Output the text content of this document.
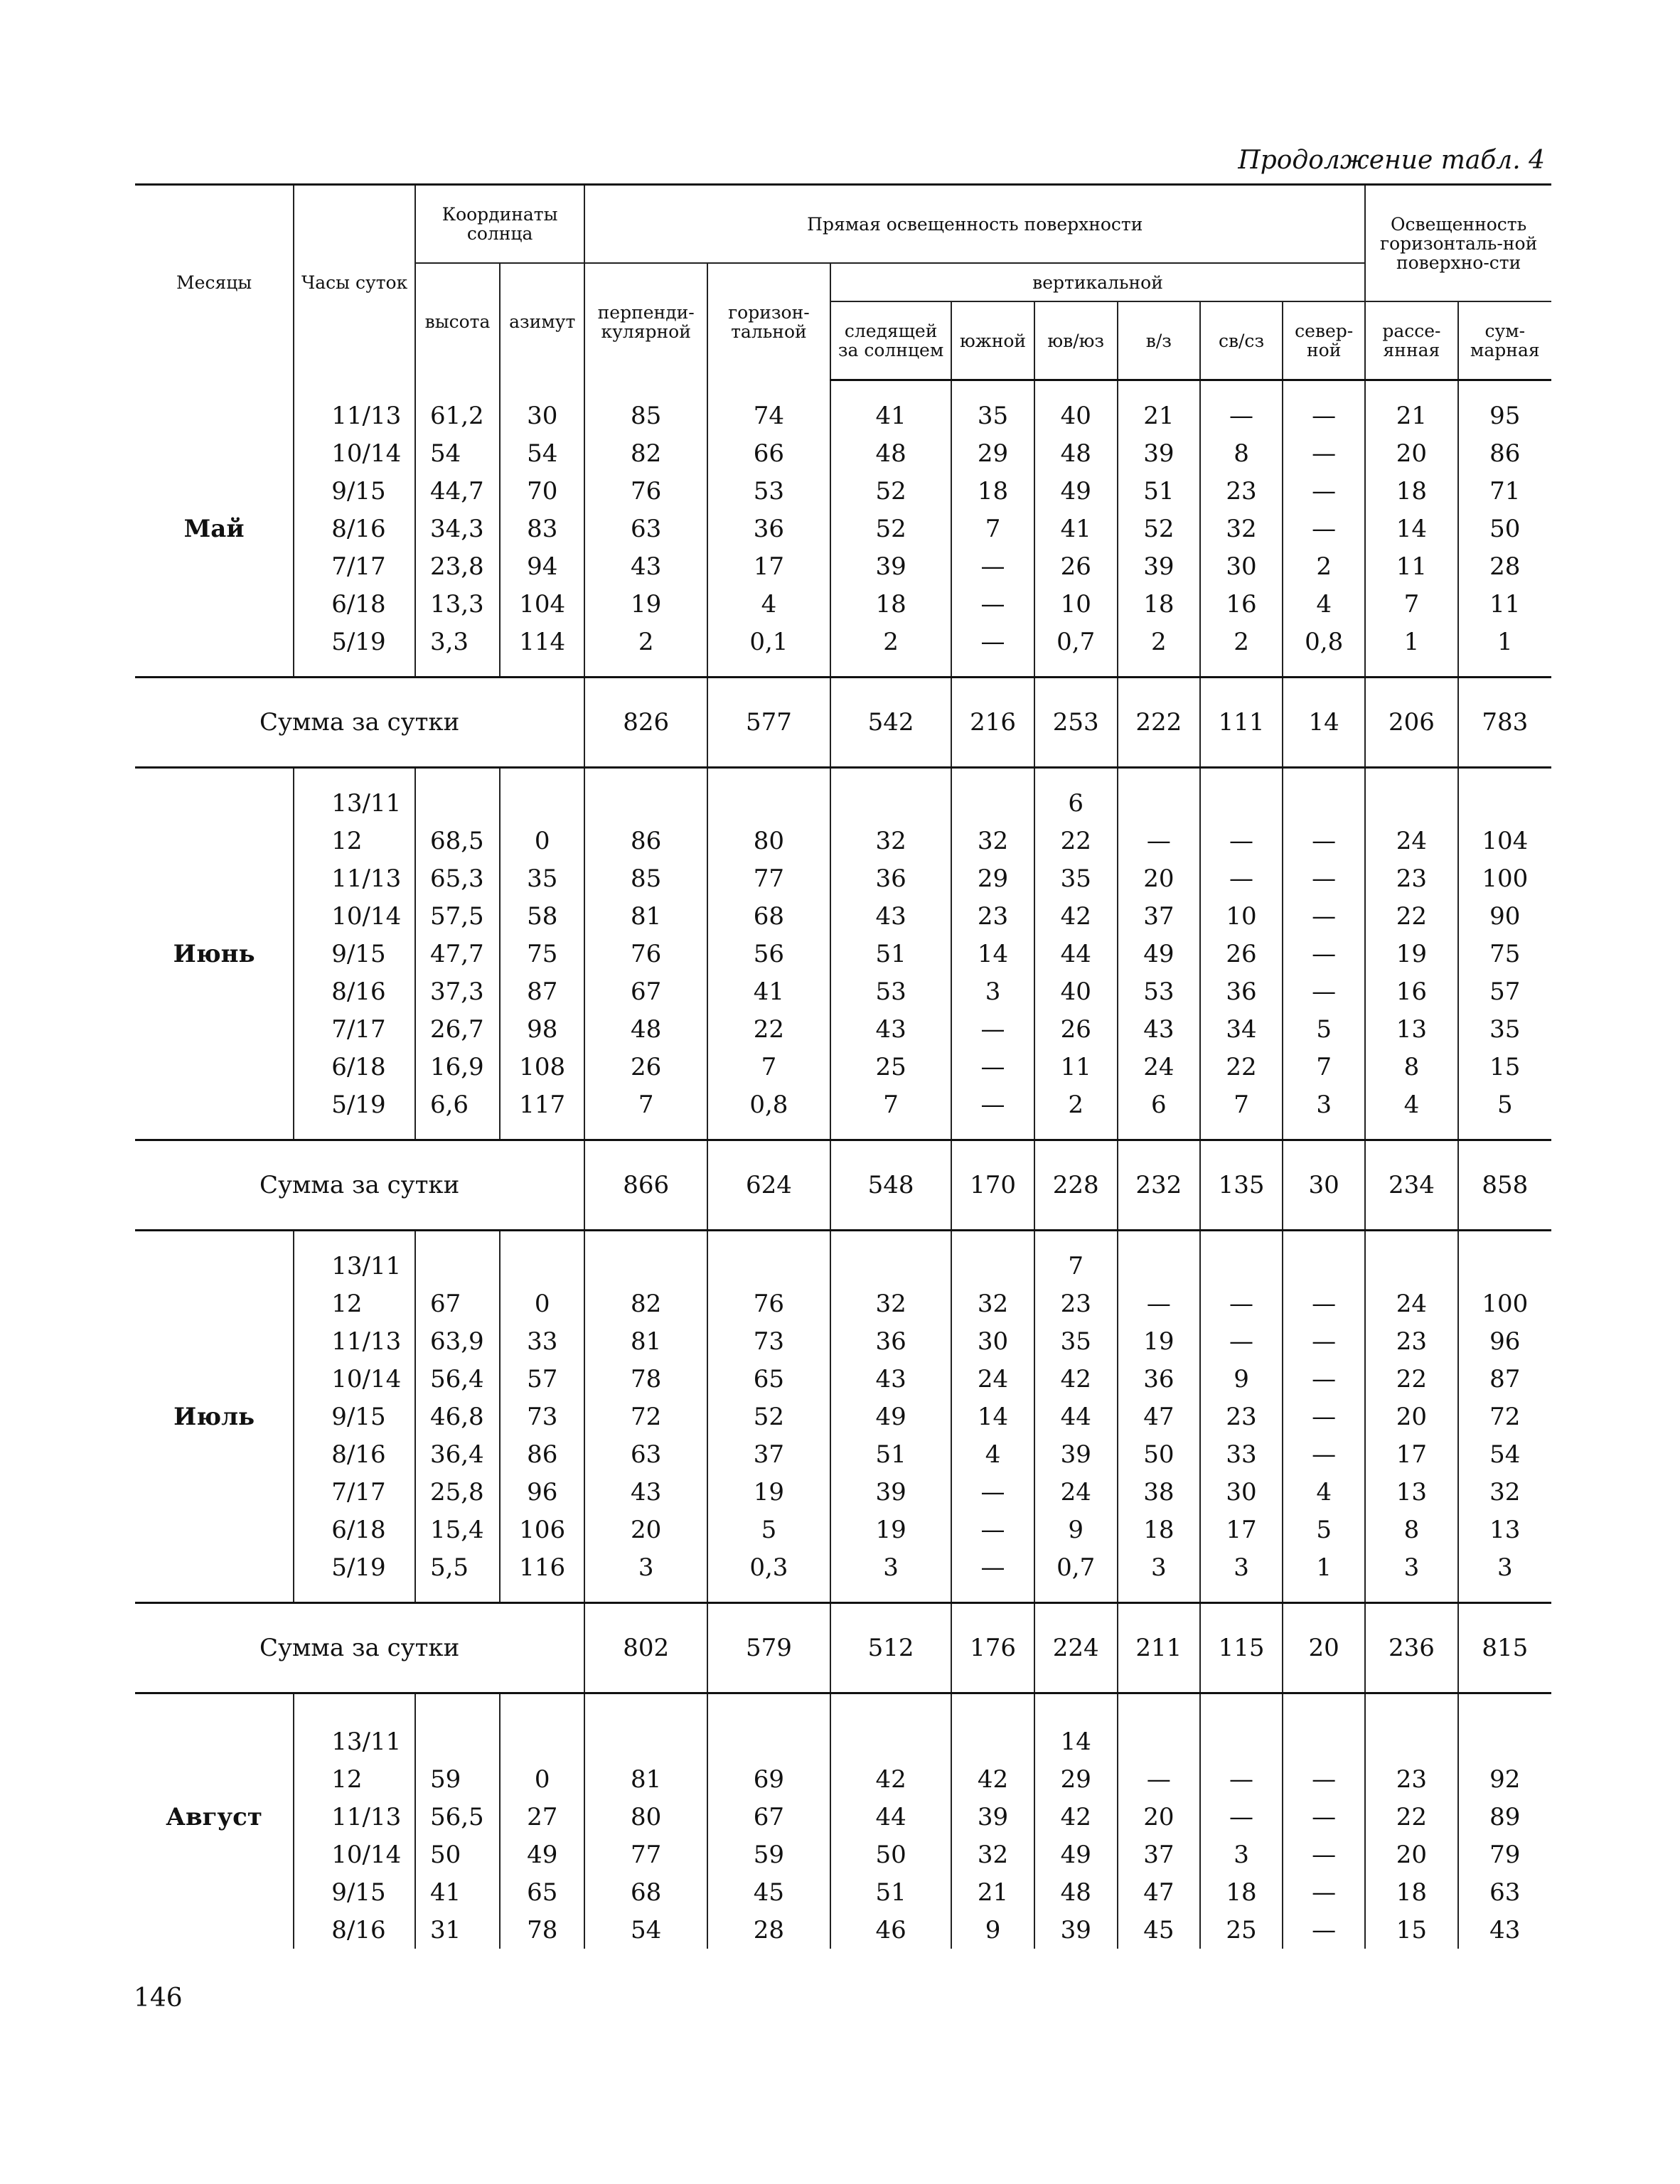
Продолжение табл. 4
Месяцы	Часы суток	Координаты солнца		Прямая освещенность поверхности								Освещенность горизонталь-ной поверхно-сти	
		высота	азимут	перпенди-кулярной	горизон-тальной	вертикальной							
						следящей за солнцем	южной	юв/юз	в/з	св/сз	север-ной	рассе-янная	сум-марная

	11/13	61,2	30	85	74	41	35	40	21	—	—	21	95
	10/14	54	54	82	66	48	29	48	39	8	—	20	86
	9/15	44,7	70	76	53	52	18	49	51	23	—	18	71
Май	8/16	34,3	83	63	36	52	7	41	52	32	—	14	50
	7/17	23,8	94	43	17	39	—	26	39	30	2	11	28
	6/18	13,3	104	19	4	18	—	10	18	16	4	7	11
	5/19	3,3	114	2	0,1	2	—	0,7	2	2	0,8	1	1

Сумма за сутки				826	577	542	216	253	222	111	14	206	783

	13/11							6					
	12	68,5	0	86	80	32	32	22	—	—	—	24	104
	11/13	65,3	35	85	77	36	29	35	20	—	—	23	100
	10/14	57,5	58	81	68	43	23	42	37	10	—	22	90
Июнь	9/15	47,7	75	76	56	51	14	44	49	26	—	19	75
	8/16	37,3	87	67	41	53	3	40	53	36	—	16	57
	7/17	26,7	98	48	22	43	—	26	43	34	5	13	35
	6/18	16,9	108	26	7	25	—	11	24	22	7	8	15
	5/19	6,6	117	7	0,8	7	—	2	6	7	3	4	5

Сумма за сутки				866	624	548	170	228	232	135	30	234	858

	13/11							7					
	12	67	0	82	76	32	32	23	—	—	—	24	100
	11/13	63,9	33	81	73	36	30	35	19	—	—	23	96
	10/14	56,4	57	78	65	43	24	42	36	9	—	22	87
Июль	9/15	46,8	73	72	52	49	14	44	47	23	—	20	72
	8/16	36,4	86	63	37	51	4	39	50	33	—	17	54
	7/17	25,8	96	43	19	39	—	24	38	30	4	13	32
	6/18	15,4	106	20	5	19	—	9	18	17	5	8	13
	5/19	5,5	116	3	0,3	3	—	0,7	3	3	1	3	3

Сумма за сутки				802	579	512	176	224	211	115	20	236	815

	13/11							14					
	12	59	0	81	69	42	42	29	—	—	—	23	92
Август	11/13	56,5	27	80	67	44	39	42	20	—	—	22	89
	10/14	50	49	77	59	50	32	49	37	3	—	20	79
	9/15	41	65	68	45	51	21	48	47	18	—	18	63
	8/16	31	78	54	28	46	9	39	45	25	—	15	43
146
